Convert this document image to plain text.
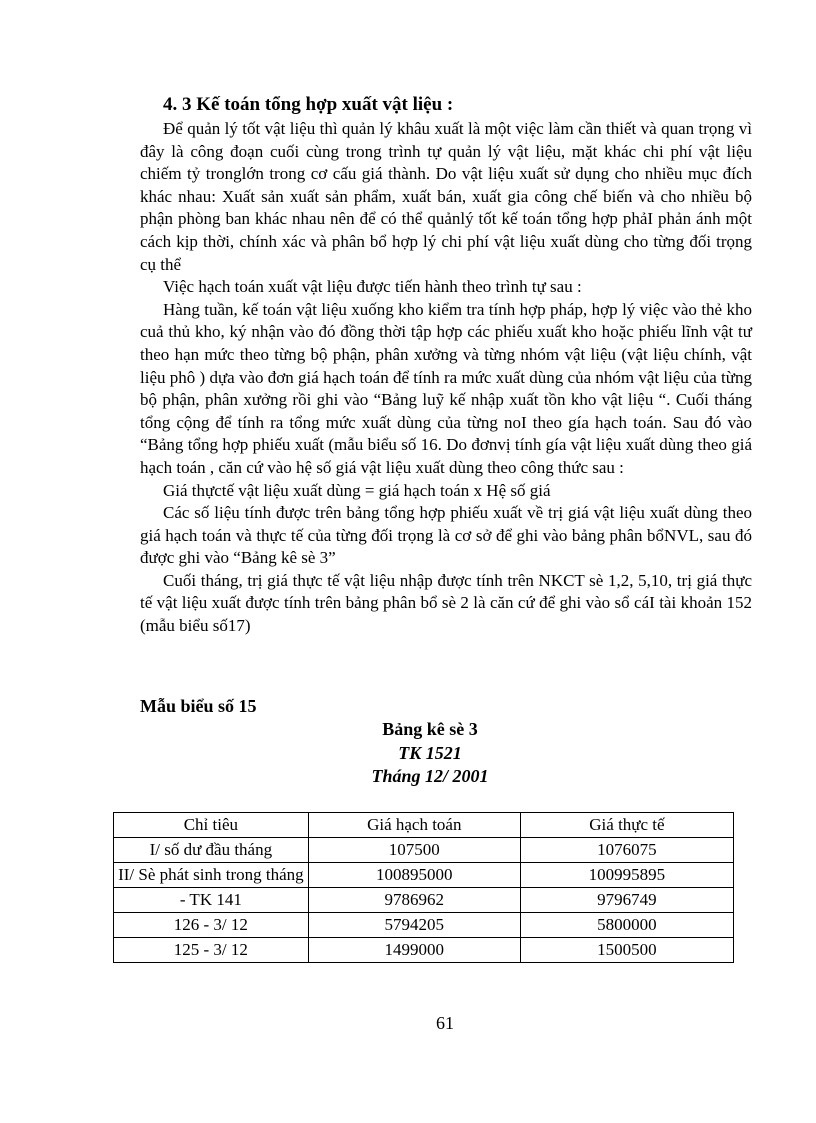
4. 3 Kế toán tổng hợp xuất vật liệu :

Để quản lý tốt vật liệu thì quản lý khâu xuất là một việc làm cần thiết và quan trọng vì đây là công đoạn cuối cùng trong trình tự quản lý vật liệu, mặt khác chi phí vật liệu chiếm tỷ tronglớn trong cơ cấu giá thành. Do vật liệu xuất sử dụng cho nhiều mục đích khác nhau: Xuất sản xuất sản phẩm, xuất bán, xuất gia công chế biến và cho nhiều bộ phận phòng ban khác nhau nên để có thể quảnlý tốt kế toán tổng hợp phảI phản ánh một cách kịp thời, chính xác và phân bổ hợp lý chi phí vật liệu xuất dùng cho từng đối trọng cụ thể

Việc hạch toán xuất vật liệu được tiến hành theo trình tự sau :

Hàng tuần, kế toán vật liệu xuống kho kiểm tra tính hợp pháp, hợp lý việc vào thẻ kho cuả thủ kho, ký nhận vào đó đồng thời tập hợp các phiếu xuất kho hoặc phiếu lĩnh vật tư theo hạn mức theo từng bộ phận, phân xưởng và từng nhóm vật liệu (vật liệu chính, vật liệu phô ) dựa vào đơn giá hạch toán để tính ra mức xuất dùng của nhóm vật liệu của từng bộ phận, phân xưởng rồi ghi vào “Bảng luỹ kế nhập xuất tồn kho vật liệu “. Cuối tháng tổng cộng để tính ra tổng mức xuất dùng của từng noI theo gía hạch toán. Sau đó vào “Bảng tổng hợp phiếu xuất (mẫu biểu số 16. Do đơnvị tính gía vật liệu xuất dùng theo giá hạch toán , căn cứ vào hệ số giá vật liệu xuất dùng theo công thức sau :

Giá thựctế vật liệu xuất dùng = giá hạch toán x Hệ số giá

Các số liệu tính được trên bảng tổng hợp phiếu xuất về trị giá vật liệu xuất dùng theo giá hạch toán và thực tế của từng đối trọng là cơ sở để ghi vào bảng phân bổNVL, sau đó được ghi vào “Bảng kê sè 3”

Cuối tháng, trị giá thực tế vật liệu nhập được tính trên NKCT sè 1,2, 5,10, trị giá thực tế vật liệu xuất được tính trên bảng phân bổ sè 2 là căn cứ để ghi vào sổ cáI tài khoản 152 (mẫu biểu số17)

Mẫu biểu số 15
Bảng kê sè 3
TK 1521
Tháng 12/ 2001
Chỉ tiêu	Giá hạch toán	Giá thực tế
I/ số dư đầu tháng	107500	1076075
II/ Sè phát sinh trong tháng	100895000	100995895
- TK 141	9786962	9796749
126 - 3/ 12	5794205	5800000
125 - 3/ 12	1499000	1500500
61
